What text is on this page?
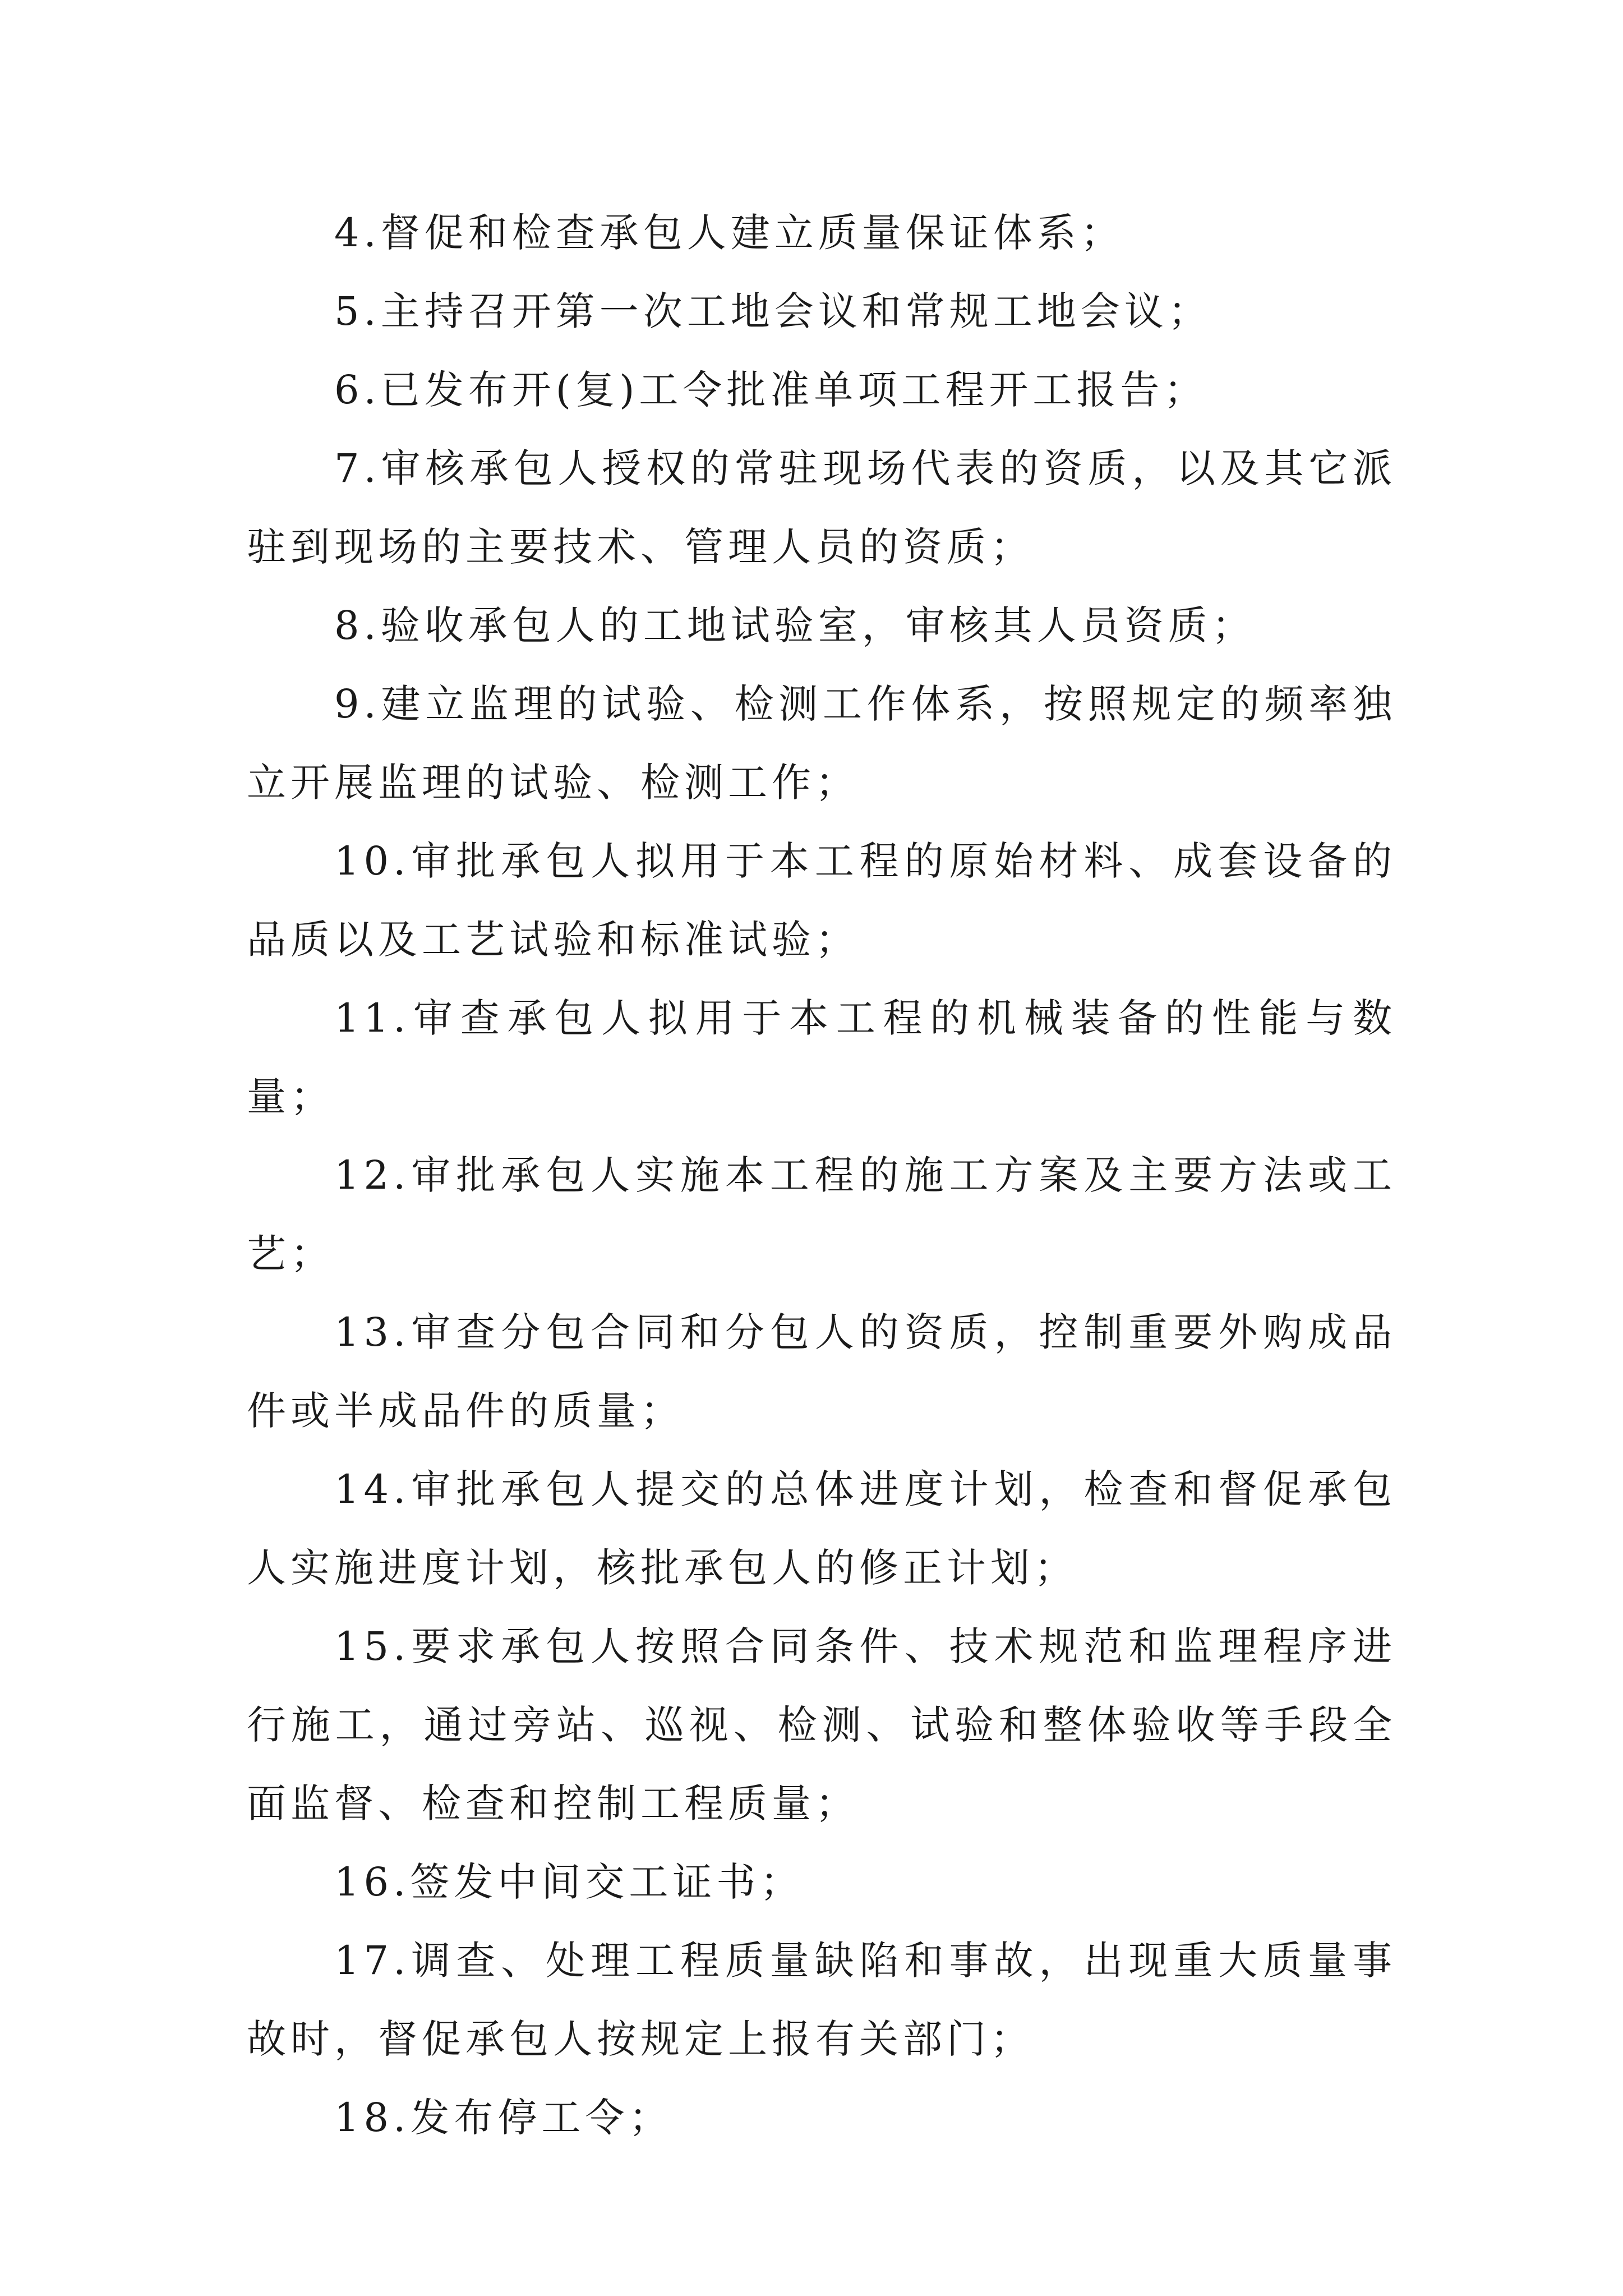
4.督促和检查承包人建立质量保证体系；

5.主持召开第一次工地会议和常规工地会议；

6.已发布开(复)工令批准单项工程开工报告；

7.审核承包人授权的常驻现场代表的资质，以及其它派驻到现场的主要技术、管理人员的资质；

8.验收承包人的工地试验室，审核其人员资质；

9.建立监理的试验、检测工作体系，按照规定的频率独立开展监理的试验、检测工作；

10.审批承包人拟用于本工程的原始材料、成套设备的品质以及工艺试验和标准试验；

11.审查承包人拟用于本工程的机械装备的性能与数量；

12.审批承包人实施本工程的施工方案及主要方法或工艺；

13.审查分包合同和分包人的资质，控制重要外购成品件或半成品件的质量；

14.审批承包人提交的总体进度计划，检查和督促承包人实施进度计划，核批承包人的修正计划；

15.要求承包人按照合同条件、技术规范和监理程序进行施工，通过旁站、巡视、检测、试验和整体验收等手段全面监督、检查和控制工程质量；

16.签发中间交工证书；

17.调查、处理工程质量缺陷和事故，出现重大质量事故时，督促承包人按规定上报有关部门；

18.发布停工令；
